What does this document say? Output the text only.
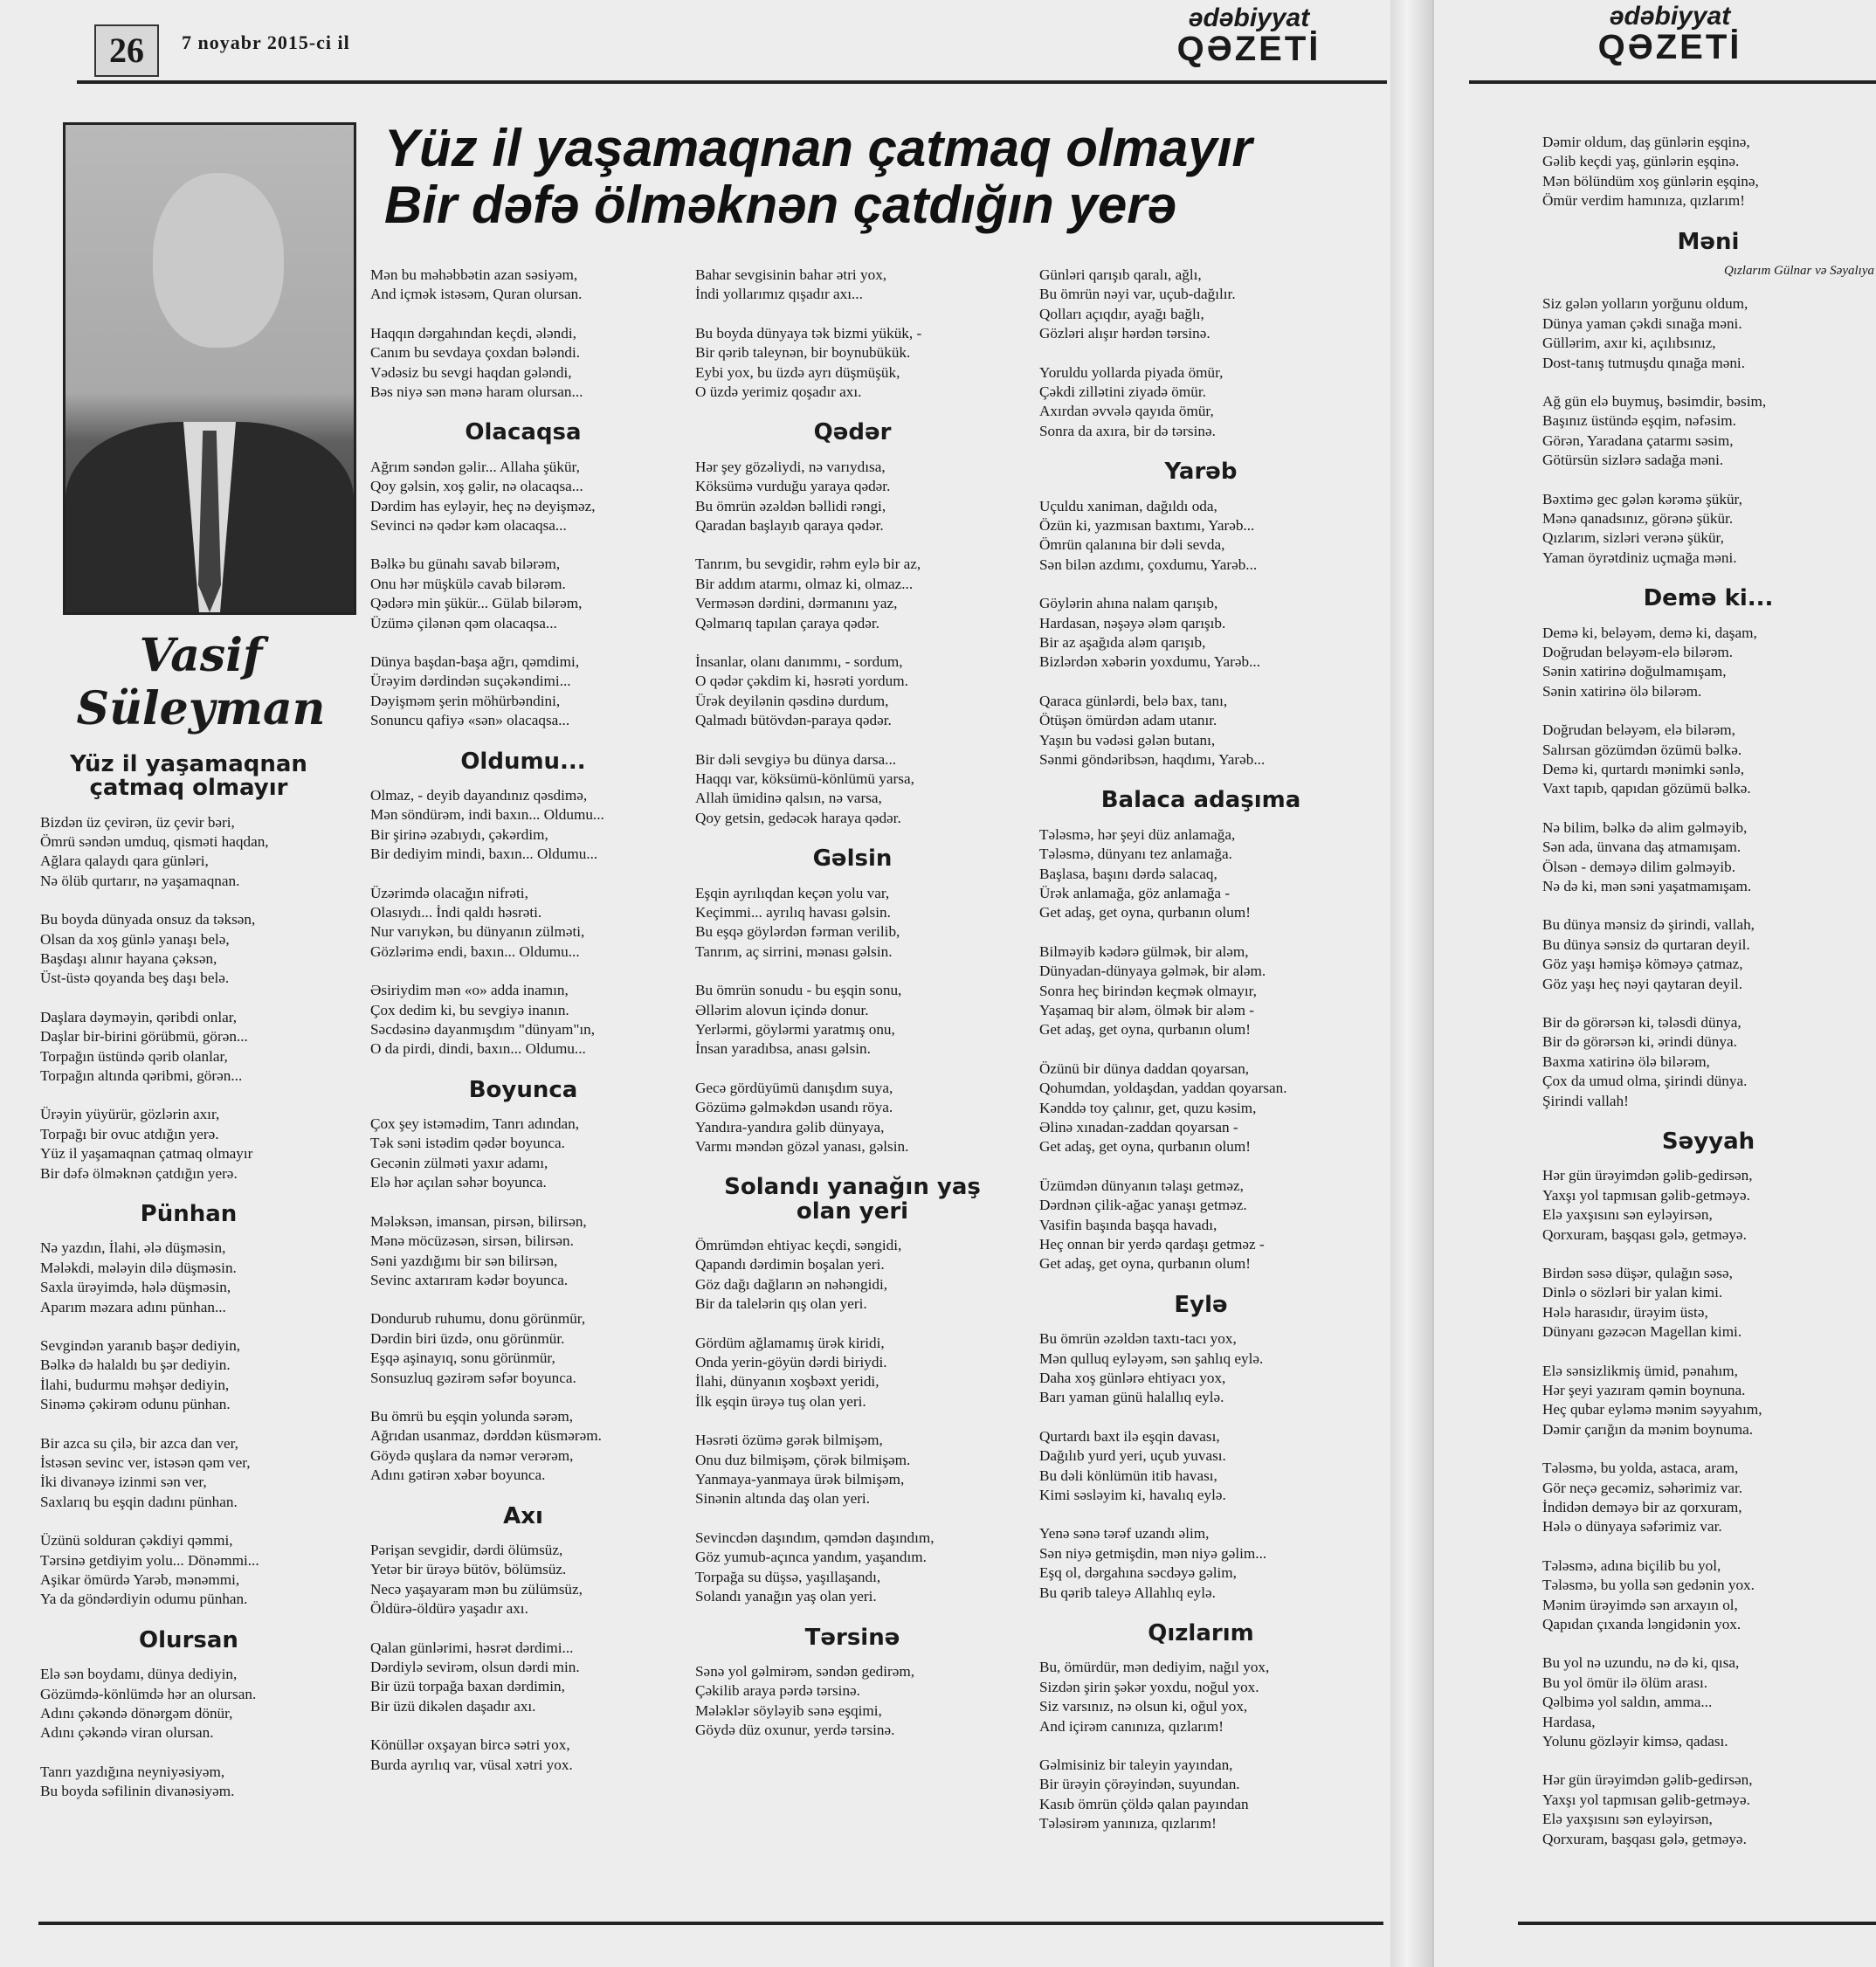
26	7 noyabr 2015-ci il
ədəbiyyat
QƏZETİ
Vasif Süleyman
Yüz il yaşamaqnan çatmaq olmayır
Bir dəfə ölməknən çatdığın yerə
Yüz il yaşamaqnan çatmaq olmayır
Bizdən üz çevirən, üz çevir bəri,
Ömrü səndən umduq, qisməti haqdan,
Ağlara qalaydı qara günləri,
Nə ölüb qurtarır, nə yaşamaqnan.
Bu boyda dünyada onsuz da təksən,
Olsan da xoş günlə yanaşı belə,
Başdaşı alınır hayana çəksən,
Üst-üstə qoyanda beş daşı belə.
Daşlara dəyməyin, qəribdi onlar,
Daşlar bir-birini görübmü, görən...
Torpağın üstündə qərib olanlar,
Torpağın altında qəribmi, görən...
Ürəyin yüyürür, gözlərin axır,
Torpağı bir ovuc atdığın yerə.
Yüz il yaşamaqnan çatmaq olmayır
Bir dəfə ölməknən çatdığın yerə.
Pünhan
Nə yazdın, İlahi, ələ düşməsin,
Mələkdi, mələyin dilə düşməsin.
Saxla ürəyimdə, hələ düşməsin,
Aparım məzara adını pünhan...
Sevgindən yaranıb başər dediyin,
Bəlkə də halaldı bu şər dediyin.
İlahi, budurmu məhşər dediyin,
Sinəmə çəkirəm odunu pünhan.
Bir azca su çilə, bir azca dan ver,
İstəsən sevinc ver, istəsən qəm ver,
İki divanəyə izinmi sən ver,
Saxlarıq bu eşqin dadını pünhan.
Üzünü solduran çəkdiyi qəmmi,
Tərsinə getdiyim yolu... Dönəmmi...
Aşikar ömürdə Yarəb, mənəmmi,
Ya da göndərdiyin odumu pünhan.
Olursan
Elə sən boydamı, dünya dediyin,
Gözümdə-könlümdə hər an olursan.
Adını çəkəndə dönərgəm dönür,
Adını çəkəndə viran olursan.
Tanrı yazdığına neyniyəsiyəm,
Bu boyda səfilinin divanəsiyəm.
Mən bu məhəbbətin azan səsiyəm,
And içmək istəsəm, Quran olursan.
Haqqın dərgahından keçdi, ələndi,
Canım bu sevdaya çoxdan bələndi.
Vədəsiz bu sevgi haqdan gələndi,
Bəs niyə sən mənə haram olursan...
Olacaqsa
Ağrım səndən gəlir... Allaha şükür,
Qoy gəlsin, xoş gəlir, nə olacaqsa...
Dərdim has eyləyir, heç nə deyişməz,
Sevinci nə qədər kəm olacaqsa...
Bəlkə bu günahı savab bilərəm,
Onu hər müşkülə cavab bilərəm.
Qədərə min şükür... Gülab bilərəm,
Üzümə çilənən qəm olacaqsa...
Dünya başdan-başa ağrı, qəmdimi,
Ürəyim dərdindən suçəkəndimi...
Dəyişməm şerin möhürbəndini,
Sonuncu qafiyə «sən» olacaqsa...
Oldumu...
Olmaz, - deyib dayandınız qəsdimə,
Mən söndürəm, indi baxın... Oldumu...
Bir şirinə əzabıydı, çəkərdim,
Bir dediyim mindi, baxın... Oldumu...
Üzərimdə olacağın nifrəti,
Olasıydı... İndi qaldı həsrəti.
Nur varıykən, bu dünyanın zülməti,
Gözlərimə endi, baxın... Oldumu...
Əsiriydim mən «o» adda inamın,
Çox dedim ki, bu sevgiyə inanın.
Səcdəsinə dayanmışdım "dünyam"ın,
O da pirdi, dindi, baxın... Oldumu...
Boyunca
Çox şey istəmədim, Tanrı adından,
Tək səni istədim qədər boyunca.
Gecənin zülməti yaxır adamı,
Elə hər açılan səhər boyunca.
Mələksən, imansan, pirsən, bilirsən,
Mənə möcüzəsən, sirsən, bilirsən.
Səni yazdığımı bir sən bilirsən,
Sevinc axtarıram kədər boyunca.
Dondurub ruhumu, donu görünmür,
Dərdin biri üzdə, onu görünmür.
Eşqə aşinayıq, sonu görünmür,
Sonsuzluq gəzirəm səfər boyunca.
Bu ömrü bu eşqin yolunda sərəm,
Ağrıdan usanmaz, dərddən küsmərəm.
Göydə quşlara da nəmər verərəm,
Adını gətirən xəbər boyunca.
Axı
Pərişan sevgidir, dərdi ölümsüz,
Yetər bir ürəyə bütöv, bölümsüz.
Necə yaşayaram mən bu zülümsüz,
Öldürə-öldürə yaşadır axı.
Qalan günlərimi, həsrət dərdimi...
Dərdiylə sevirəm, olsun dərdi min.
Bir üzü torpağa baxan dərdimin,
Bir üzü dikəlen daşadır axı.
Könüllər oxşayan bircə sətri yox,
Burda ayrılıq var, vüsal xətri yox.
Bahar sevgisinin bahar ətri yox,
İndi yollarımız qışadır axı...
Bu boyda dünyaya tək bizmi yükük, -
Bir qərib taleynən, bir boynubükük.
Eybi yox, bu üzdə ayrı düşmüşük,
O üzdə yerimiz qoşadır axı.
Qədər
Hər şey gözəliydi, nə varıydısa,
Köksümə vurduğu yaraya qədər.
Bu ömrün əzəldən bəllidi rəngi,
Qaradan başlayıb qaraya qədər.
Tanrım, bu sevgidir, rəhm eylə bir az,
Bir addım atarmı, olmaz ki, olmaz...
Verməsən dərdini, dərmanını yaz,
Qəlmarıq tapılan çaraya qədər.
İnsanlar, olanı danımmı, - sordum,
O qədər çəkdim ki, həsrəti yordum.
Ürək deyilənin qəsdinə durdum,
Qalmadı bütövdən-paraya qədər.
Bir dəli sevgiyə bu dünya darsa...
Haqqı var, köksümü-könlümü yarsa,
Allah ümidinə qalsın, nə varsa,
Qoy getsin, gedəcək haraya qədər.
Gəlsin
Eşqin ayrılıqdan keçən yolu var,
Keçimmi... ayrılıq havası gəlsin.
Bu eşqə göylərdən fərman verilib,
Tanrım, aç sirrini, mənası gəlsin.
Bu ömrün sonudu - bu eşqin sonu,
Əllərim alovun içində donur.
Yerlərmi, göylərmi yaratmış onu,
İnsan yaradıbsa, anası gəlsin.
Gecə gördüyümü danışdım suya,
Gözümə gəlməkdən usandı röya.
Yandıra-yandıra gəlib dünyaya,
Varmı məndən gözəl yanası, gəlsin.
Solandı yanağın yaş olan yeri
Ömrümdən ehtiyac keçdi, səngidi,
Qapandı dərdimin boşalan yeri.
Göz dağı dağların ən nəhəngidi,
Bir da talelərin qış olan yeri.
Gördüm ağlamamış ürək kiridi,
Onda yerin-göyün dərdi biriydi.
İlahi, dünyanın xoşbəxt yeridi,
İlk eşqin ürəyə tuş olan yeri.
Həsrəti özümə gərək bilmişəm,
Onu duz bilmişəm, çörək bilmişəm.
Yanmaya-yanmaya ürək bilmişəm,
Sinənin altında daş olan yeri.
Sevincdən daşındım, qəmdən daşındım,
Göz yumub-açınca yandım, yaşandım.
Torpağa su düşsə, yaşıllaşandı,
Solandı yanağın yaş olan yeri.
Tərsinə
Sənə yol gəlmirəm, səndən gedirəm,
Çəkilib araya pərdə tərsinə.
Mələklər söyləyib sənə eşqimi,
Göydə düz oxunur, yerdə tərsinə.
Günləri qarışıb qaralı, ağlı,
Bu ömrün nəyi var, uçub-dağılır.
Qolları açıqdır, ayağı bağlı,
Gözləri alışır hərdən tərsinə.
Yoruldu yollarda piyada ömür,
Çəkdi zillətini ziyadə ömür.
Axırdan əvvələ qayıda ömür,
Sonra da axıra, bir də tərsinə.
Yarəb
Uçuldu xaniman, dağıldı oda,
Özün ki, yazmısan baxtımı, Yarəb...
Ömrün qalanına bir dəli sevda,
Sən bilən azdımı, çoxdumu, Yarəb...
Göylərin ahına nalam qarışıb,
Hardasan, nəşəyə ələm qarışıb.
Bir az aşağıda aləm qarışıb,
Bizlərdən xəbərin yoxdumu, Yarəb...
Qaraca günlərdi, belə bax, tanı,
Ötüşən ömürdən adam utanır.
Yaşın bu vədəsi gələn butanı,
Sənmi göndəribsən, haqdımı, Yarəb...
Balaca adaşıma
Tələsmə, hər şeyi düz anlamağa,
Tələsmə, dünyanı tez anlamağa.
Başlasa, başını dərdə salacaq,
Ürək anlamağa, göz anlamağa -
Get adaş, get oyna, qurbanın olum!
Bilməyib kədərə gülmək, bir aləm,
Dünyadan-dünyaya gəlmək, bir aləm.
Sonra heç birindən keçmək olmayır,
Yaşamaq bir aləm, ölmək bir aləm -
Get adaş, get oyna, qurbanın olum!
Özünü bir dünya daddan qoyarsan,
Qohumdan, yoldaşdan, yaddan qoyarsan.
Kənddə toy çalınır, get, quzu kəsim,
Əlinə xınadan-zaddan qoyarsan -
Get adaş, get oyna, qurbanın olum!
Üzümdən dünyanın təlaşı getməz,
Dərdnən çilik-ağac yanaşı getməz.
Vasifin başında başqa havadı,
Heç onnan bir yerdə qardaşı getməz -
Get adaş, get oyna, qurbanın olum!
Eylə
Bu ömrün əzəldən taxtı-tacı yox,
Mən qulluq eyləyəm, sən şahlıq eylə.
Daha xoş günlərə ehtiyacı yox,
Barı yaman günü halallıq eylə.
Qurtardı baxt ilə eşqin davası,
Dağılıb yurd yeri, uçub yuvası.
Bu dəli könlümün itib havası,
Kimi səsləyim ki, havalıq eylə.
Yenə sənə tərəf uzandı əlim,
Sən niyə getmişdin, mən niyə gəlim...
Eşq ol, dərgahına səcdəyə gəlim,
Bu qərib taleyə Allahlıq eylə.
Qızlarım
Bu, ömürdür, mən dediyim, nağıl yox,
Sizdən şirin şəkər yoxdu, noğul yox.
Siz varsınız, nə olsun ki, oğul yox,
And içirəm canınıza, qızlarım!
Gəlmisiniz bir taleyin yayından,
Bir ürəyin çörəyindən, suyundan.
Kasıb ömrün çöldə qalan payından
Tələsirəm yanınıza, qızlarım!
ədəbiyyat
QƏZETİ
Dəmir oldum, daş günlərin eşqinə,
Gəlib keçdi yaş, günlərin eşqinə.
Mən bölündüm xoş günlərin eşqinə,
Ömür verdim hamınıza, qızlarım!
Məni
Qızlarım Gülnar və Səyalıya
Siz gələn yolların yorğunu oldum,
Dünya yaman çəkdi sınağa məni.
Güllərim, axır ki, açılıbsınız,
Dost-tanış tutmuşdu qınağa məni.
Ağ gün elə buymuş, bəsimdir, bəsim,
Başınız üstündə eşqim, nəfəsim.
Görən, Yaradana çatarmı səsim,
Götürsün sizlərə sadağa məni.
Bəxtimə gec gələn kərəmə şükür,
Mənə qanadsınız, görənə şükür.
Qızlarım, sizləri verənə şükür,
Yaman öyrətdiniz uçmağa məni.
Demə ki...
Demə ki, beləyəm, demə ki, daşam,
Doğrudan beləyəm-elə bilərəm.
Sənin xatirinə doğulmamışam,
Sənin xatirinə ölə bilərəm.
Doğrudan beləyəm, elə bilərəm,
Salırsan gözümdən özümü bəlkə.
Demə ki, qurtardı mənimki sənlə,
Vaxt tapıb, qapıdan gözümü bəlkə.
Nə bilim, bəlkə də alim gəlməyib,
Sən ada, ünvana daş atmamışam.
Ölsən - deməyə dilim gəlməyib.
Nə də ki, mən səni yaşatmamışam.
Bu dünya mənsiz də şirindi, vallah,
Bu dünya sənsiz də qurtaran deyil.
Göz yaşı həmişə köməyə çatmaz,
Göz yaşı heç nəyi qaytaran deyil.
Bir də görərsən ki, tələsdi dünya,
Bir də görərsən ki, ərindi dünya.
Baxma xatirinə ölə bilərəm,
Çox da umud olma, şirindi dünya.
Şirindi vallah!
Səyyah
Hər gün ürəyimdən gəlib-gedirsən,
Yaxşı yol tapmısan gəlib-getməyə.
Elə yaxşısını sən eyləyirsən,
Qorxuram, başqası gələ, getməyə.
Birdən səsə düşər, qulağın səsə,
Dinlə o sözləri bir yalan kimi.
Hələ harasıdır, ürəyim üstə,
Dünyanı gəzəcən Magellan kimi.
Elə sənsizlikmiş ümid, pənahım,
Hər şeyi yazıram qəmin boynuna.
Heç qubar eyləmə mənim səyyahım,
Dəmir çarığın da mənim boynuma.
Tələsmə, bu yolda, astaca, aram,
Gör neçə gecəmiz, səhərimiz var.
İndidən deməyə bir az qorxuram,
Hələ o dünyaya səfərimiz var.
Tələsmə, adına biçilib bu yol,
Tələsmə, bu yolla sən gedənin yox.
Mənim ürəyimdə sən arxayın ol,
Qapıdan çıxanda ləngidənin yox.
Bu yol nə uzundu, nə də ki, qısa,
Bu yol ömür ilə ölüm arası.
Qəlbimə yol saldın, amma...
Hardasa,
Yolunu gözləyir kimsə, qadası.
Hər gün ürəyimdən gəlib-gedirsən,
Yaxşı yol tapmısan gəlib-getməyə.
Elə yaxşısını sən eyləyirsən,
Qorxuram, başqası gələ, getməyə.
